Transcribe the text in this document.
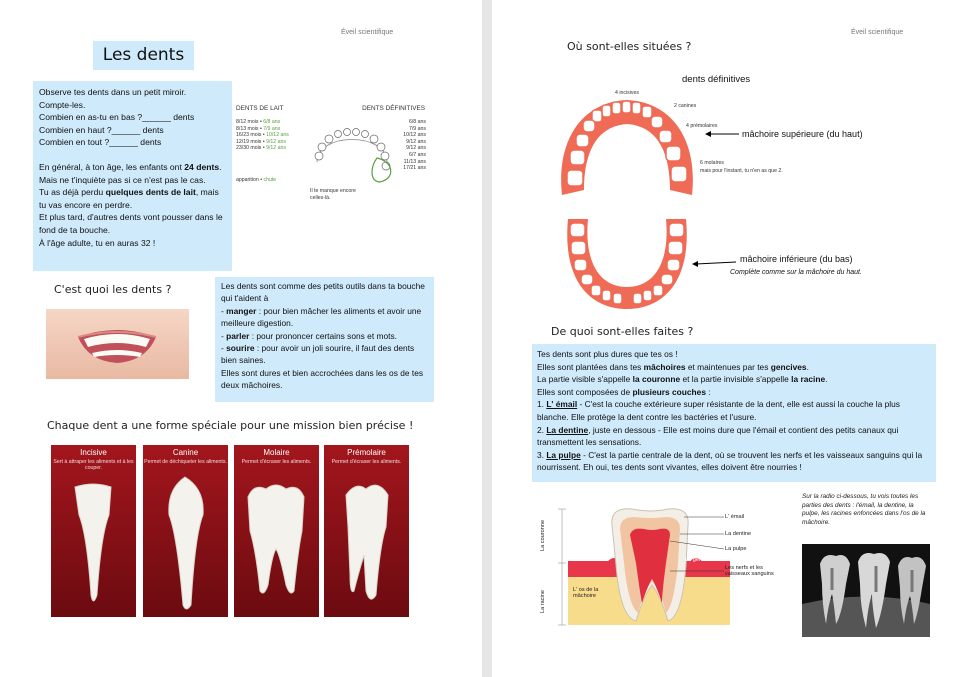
Éveil scientifique
Les dents

Observe tes dents dans un petit miroir.

Compte-les.

Combien en as-tu en bas ?______ dents

Combien en haut ?______ dents

Combien en tout ?______ dents

En général, à ton âge, les enfants ont 24 dents. Mais ne t'inquiète pas si ce n'est pas le cas.

Tu as déjà perdu quelques dents de lait, mais tu vas encore en perdre.

Et plus tard, d'autres dents vont pousser dans le fond de ta bouche.

À l'âge adulte, tu en auras 32 !

DENTS DE LAIT	DENTS DÉFINITIVES
8/12 mois • 6/8 ans
8/13 mois • 7/9 ans
16/23 mois • 10/12 ans
12/19 mois • 9/12 ans
23/30 mois • 9/12 ans
6/8 ans
7/9 ans
10/12 ans
9/12 ans
9/12 ans
6/7 ans
11/13 ans
17/21 ans
apparition • chute
Il te manque encore celles-là.
C'est quoi les dents ?	Les dents sont comme des petits outils dans ta bouche qui t'aident à

- manger : pour bien mâcher les aliments et avoir une meilleure digestion.

- parler : pour prononcer certains sons et mots.

- sourire : pour avoir un joli sourire, il faut des dents bien saines.

Elles sont dures et bien accrochées dans les os de tes deux mâchoires.

Chaque dent a une forme spéciale pour une mission bien précise !
Incisive
Sert à attraper les aliments et à les couper.
Canine
Permet de déchiqueter les aliments.
Molaire
Permet d'écraser les aliments.
Prémolaire
Permet d'écraser les aliments.
Éveil scientifique
Où sont-elles situées ?
dents définitives
4 incisives
2 canines
4 prémolaires
6 molaires
mais pour l'instant, tu n'en as que 2.
mâchoire supérieure (du haut)
mâchoire inférieure (du bas)
Complète comme sur la mâchoire du haut.
De quoi sont-elles faites ?

Tes dents sont plus dures que tes os !

Elles sont plantées dans tes mâchoires et maintenues par tes gencives.

La partie visible s'appelle la couronne et la partie invisible s'appelle la racine.

Elles sont composées de plusieurs couches :

1. L' émail - C'est la couche extérieure super résistante de la dent, elle est aussi la couche la plus blanche. Elle protège la dent contre les bactéries et l'usure.

2. La dentine, juste en dessous - Elle est moins dure que l'émail et contient des petits canaux qui transmettent les sensations.

3. La pulpe - C'est la partie centrale de la dent, où se trouvent les nerfs et les vaisseaux sanguins qui la nourrissent. Eh oui, tes dents sont vivantes, elles doivent être nourries !

La couronne
La racine
L' émail
La dentine
La pulpe
La gencive
Les nerfs et les vaisseaux sanguins
L' os de la mâchoire
Sur la radio ci-dessous, tu vois toutes les parties des dents : l'émail, la dentine, la pulpe, les racines enfoncées dans l'os de la mâchoire.
